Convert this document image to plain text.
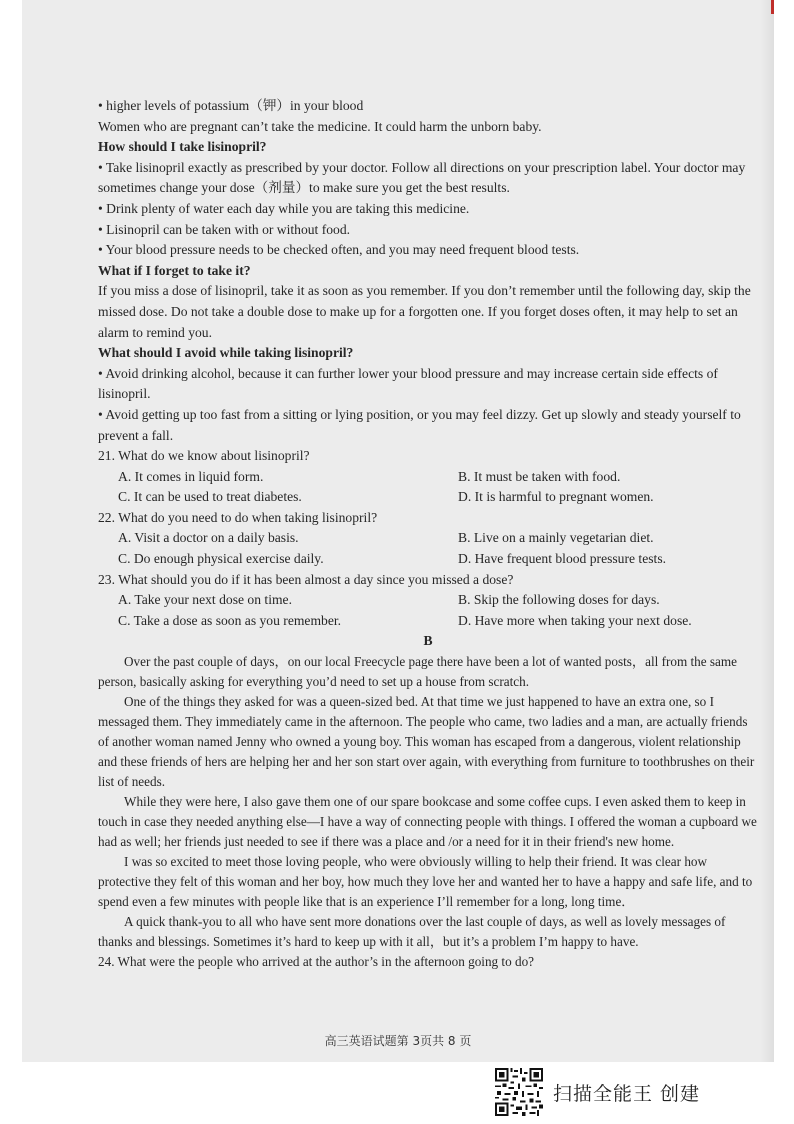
• higher levels of potassium（钾）in your blood

Women who are pregnant can’t take the medicine. It could harm the unborn baby.

How should I take lisinopril?

• Take lisinopril exactly as prescribed by your doctor. Follow all directions on your prescription label. Your doctor may sometimes change your dose（剂量）to make sure you get the best results.

• Drink plenty of water each day while you are taking this medicine.

• Lisinopril can be taken with or without food.

• Your blood pressure needs to be checked often, and you may need frequent blood tests.

What if I forget to take it?

If you miss a dose of lisinopril, take it as soon as you remember. If you don’t remember until the following day, skip the missed dose. Do not take a double dose to make up for a forgotten one. If you forget doses often, it may help to set an alarm to remind you.

What should I avoid while taking lisinopril?

• Avoid drinking alcohol, because it can further lower your blood pressure and may increase certain side effects of lisinopril.

• Avoid getting up too fast from a sitting or lying position, or you may feel dizzy. Get up slowly and steady yourself to prevent a fall.

21. What do we know about lisinopril?

A. It comes in liquid form.	B. It must be taken with food.
C. It can be used to treat diabetes.	D. It is harmful to pregnant women.

22. What do you need to do when taking lisinopril?

A. Visit a doctor on a daily basis.	B. Live on a mainly vegetarian diet.
C. Do enough physical exercise daily.	D. Have frequent blood pressure tests.

23. What should you do if it has been almost a day since you missed a dose?

A. Take your next dose on time.	B. Skip the following doses for days.
C. Take a dose as soon as you remember.	D. Have more when taking your next dose.

B

Over the past couple of days，on our local Freecycle page there have been a lot of wanted posts，all from the same person, basically asking for everything you’d need to set up a house from scratch.

One of the things they asked for was a queen-sized bed. At that time we just happened to have an extra one, so I messaged them. They immediately came in the afternoon. The people who came, two ladies and a man, are actually friends of another woman named Jenny who owned a young boy. This woman has escaped from a dangerous, violent relationship and these friends of hers are helping her and her son start over again, with everything from furniture to toothbrushes on their list of needs.

While they were here, I also gave them one of our spare bookcase and some coffee cups. I even asked them to keep in touch in case they needed anything else—I have a way of connecting people with things. I offered the woman a cupboard we had as well; her friends just needed to see if there was a place and /or a need for it in their friend's new home.

I was so excited to meet those loving people, who were obviously willing to help their friend. It was clear how protective they felt of this woman and her boy, how much they love her and wanted her to have a happy and safe life, and to spend even a few minutes with people like that is an experience I’ll remember for a long, long time．

A quick thank-you to all who have sent more donations over the last couple of days, as well as lovely messages of thanks and blessings. Sometimes it’s hard to keep up with it all，but it’s a problem I’m happy to have.

24. What were the people who arrived at the author’s in the afternoon going to do?

高三英语试题第 3页共 8 页
扫描全能王 创建
